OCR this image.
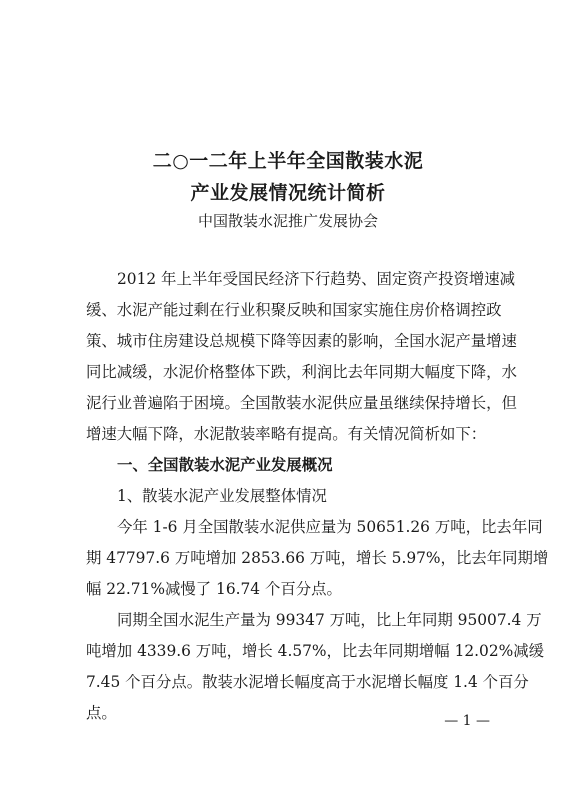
二○一二年上半年全国散装水泥
产业发展情况统计简析
中国散装水泥推广发展协会
2012 年上半年受国民经济下行趋势、固定资产投资增速减
缓、水泥产能过剩在行业积聚反映和国家实施住房价格调控政
策、城市住房建设总规模下降等因素的影响，全国水泥产量增速
同比减缓，水泥价格整体下跌，利润比去年同期大幅度下降，水
泥行业普遍陷于困境。全国散装水泥供应量虽继续保持增长，但
增速大幅下降，水泥散装率略有提高。有关情况简析如下：
一、全国散装水泥产业发展概况
1、散装水泥产业发展整体情况
今年 1-6 月全国散装水泥供应量为 50651.26 万吨，比去年同
期 47797.6 万吨增加 2853.66 万吨，增长 5.97%，比去年同期增
幅 22.71%减慢了 16.74 个百分点。
同期全国水泥生产量为 99347 万吨，比上年同期 95007.4 万
吨增加 4339.6 万吨，增长 4.57%，比去年同期增幅 12.02%减缓
7.45 个百分点。散装水泥增长幅度高于水泥增长幅度 1.4 个百分
点。	— 1 —
